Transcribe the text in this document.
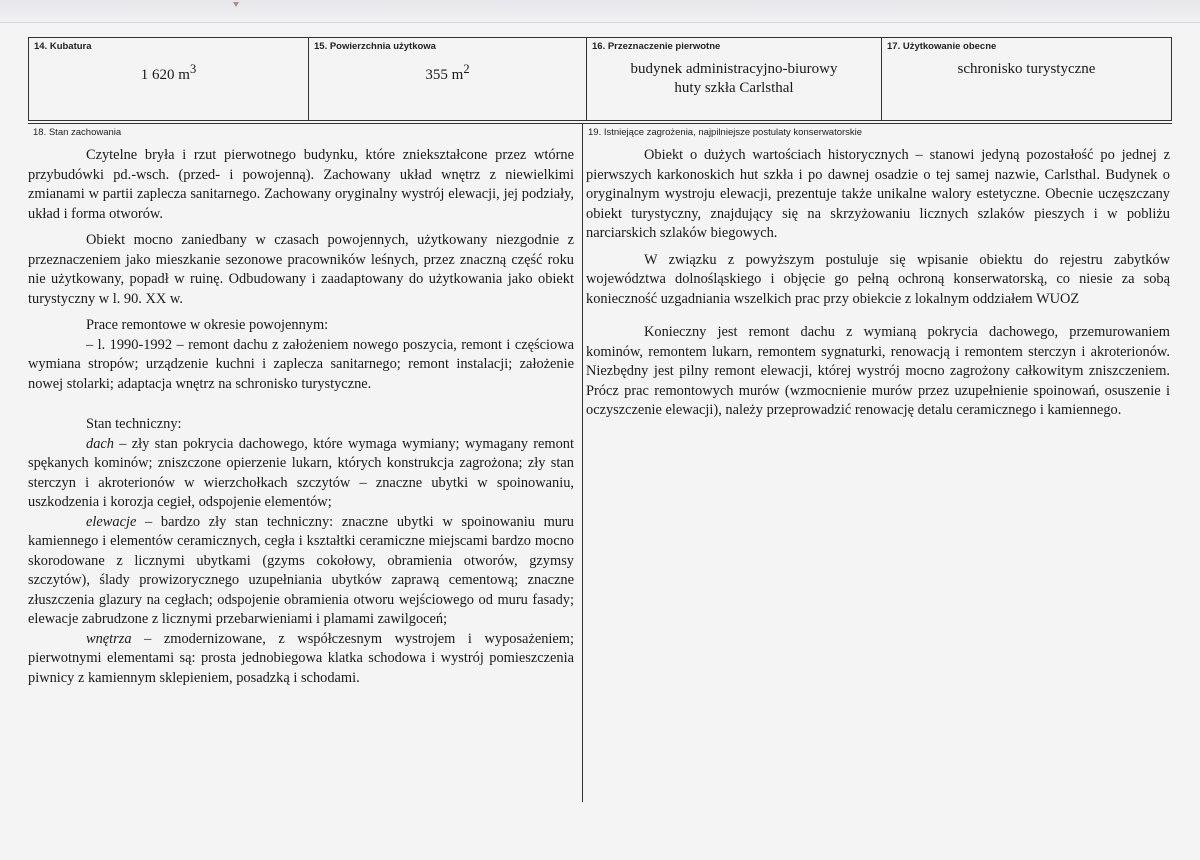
14. Kubatura
1 620 $m^3$
15. Powierzchnia użytkowa
355 $m^2$
16. Przeznaczenie pierwotne
budynek administracyjno-biurowy
huty szkła Carlsthal
17. Użytkowanie obecne
schronisko turystyczne
18. Stan zachowania	19. Istniejące zagrożenia, najpilniejsze postulaty konserwatorskie

Czytelne bryła i rzut pierwotnego budynku, które zniekształcone przez wtórne przybudówki pd.-wsch. (przed- i powojenną). Zachowany układ wnętrz z niewielkimi zmianami w partii zaplecza sanitarnego. Zachowany oryginalny wystrój elewacji, jej podziały, układ i forma otworów.

Obiekt mocno zaniedbany w czasach powojennych, użytkowany niezgodnie z przeznaczeniem jako mieszkanie sezonowe pracowników leśnych, przez znaczną część roku nie użytkowany, popadł w ruinę. Odbudowany i zaadaptowany do użytkowania jako obiekt turystyczny w l. 90. XX w.

Prace remontowe w okresie powojennym:

– l. 1990-1992 – remont dachu z założeniem nowego poszycia, remont i częściowa wymiana stropów; urządzenie kuchni i zaplecza sanitarnego; remont instalacji; założenie nowej stolarki; adaptacja wnętrz na schronisko turystyczne.

Stan techniczny:

dach – zły stan pokrycia dachowego, które wymaga wymiany; wymagany remont spękanych kominów; zniszczone opierzenie lukarn, których konstrukcja zagrożona; zły stan sterczyn i akroterionów w wierzchołkach szczytów – znaczne ubytki w spoinowaniu, uszkodzenia i korozja cegieł, odspojenie elementów;

elewacje – bardzo zły stan techniczny: znaczne ubytki w spoinowaniu muru kamiennego i elementów ceramicznych, cegła i kształtki ceramiczne miejscami bardzo mocno skorodowane z licznymi ubytkami (gzyms cokołowy, obramienia otworów, gzymsy szczytów), ślady prowizorycznego uzupełniania ubytków zaprawą cementową; znaczne złuszczenia glazury na cegłach; odspojenie obramienia otworu wejściowego od muru fasady; elewacje zabrudzone z licznymi przebarwieniami i plamami zawilgoceń;

wnętrza – zmodernizowane, z współczesnym wystrojem i wyposażeniem; pierwotnymi elementami są: prosta jednobiegowa klatka schodowa i wystrój pomieszczenia piwnicy z kamiennym sklepieniem, posadzką i schodami.

Obiekt o dużych wartościach historycznych – stanowi jedyną pozostałość po jednej z pierwszych karkonoskich hut szkła i po dawnej osadzie o tej samej nazwie, Carlsthal. Budynek o oryginalnym wystroju elewacji, prezentuje także unikalne walory estetyczne. Obecnie uczęszczany obiekt turystyczny, znajdujący się na skrzyżowaniu licznych szlaków pieszych i w pobliżu narciarskich szlaków biegowych.

W związku z powyższym postuluje się wpisanie obiektu do rejestru zabytków województwa dolnośląskiego i objęcie go pełną ochroną konserwatorską, co niesie za sobą konieczność uzgadniania wszelkich prac przy obiekcie z lokalnym oddziałem WUOZ

Konieczny jest remont dachu z wymianą pokrycia dachowego, przemurowaniem kominów, remontem lukarn, remontem sygnaturki, renowacją i remontem sterczyn i akroterionów. Niezbędny jest pilny remont elewacji, której wystrój mocno zagrożony całkowitym zniszczeniem. Prócz prac remontowych murów (wzmocnienie murów przez uzupełnienie spoinowań, osuszenie i oczyszczenie elewacji), należy przeprowadzić renowację detalu ceramicznego i kamiennego.
